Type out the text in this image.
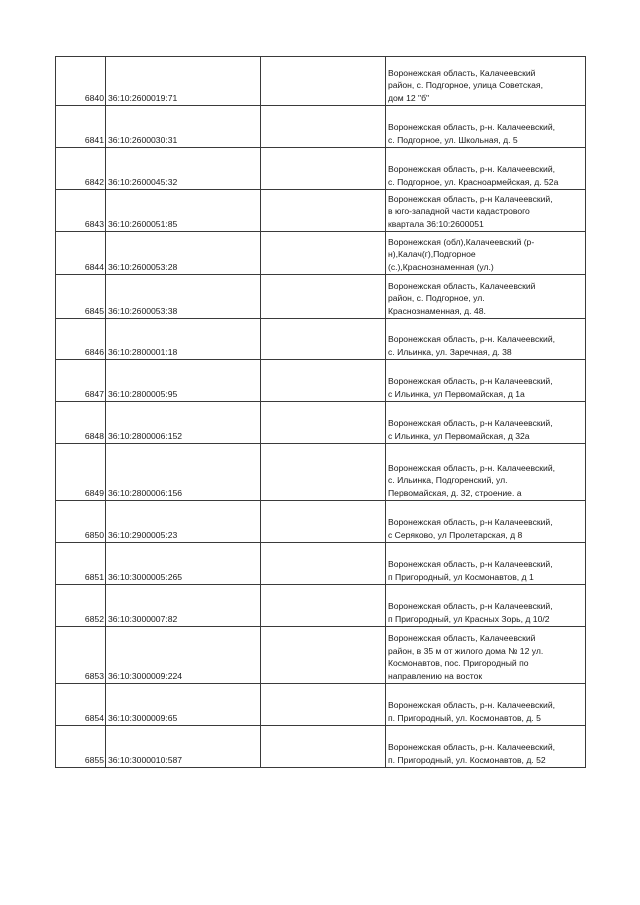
6840	36:10:2600019:71		Воронежская область, Калачеевский
район, с. Подгорное, улица Советская,
дом 12 "б"

6841	36:10:2600030:31		Воронежская область, р-н. Калачеевский,
с. Подгорное, ул. Школьная, д. 5

6842	36:10:2600045:32		Воронежская область, р-н. Калачеевский,
с. Подгорное, ул. Красноармейская, д. 52а

6843	36:10:2600051:85		Воронежская область, р-н Калачеевский,
в юго-западной части кадастрового
квартала 36:10:2600051

6844	36:10:2600053:28		Воронежская (обл),Калачеевский (р-
н),Калач(г),Подгорное
(с.),Краснознаменная (ул.)

6845	36:10:2600053:38		Воронежская область, Калачеевский
район, с. Подгорное, ул.
Краснознаменная, д. 48.

6846	36:10:2800001:18		Воронежская область, р-н. Калачеевский,
с. Ильинка, ул. Заречная, д. 38

6847	36:10:2800005:95		Воронежская область, р-н Калачеевский,
с Ильинка, ул Первомайская, д 1а

6848	36:10:2800006:152		Воронежская область, р-н Калачеевский,
с Ильинка, ул Первомайская, д 32а

6849	36:10:2800006:156		Воронежская область, р-н. Калачеевский,
с. Ильинка, Подгоренский, ул.
Первомайская, д. 32, строение. а

6850	36:10:2900005:23		Воронежская область, р-н Калачеевский,
с Серяково, ул Пролетарская, д 8

6851	36:10:3000005:265		Воронежская область, р-н Калачеевский,
п Пригородный, ул Космонавтов, д 1

6852	36:10:3000007:82		Воронежская область, р-н Калачеевский,
п Пригородный, ул Красных Зорь, д 10/2

6853	36:10:3000009:224		Воронежская область, Калачеевский
район, в 35 м от жилого дома № 12 ул.
Космонавтов, пос. Пригородный по
направлению на восток

6854	36:10:3000009:65		Воронежская область, р-н. Калачеевский,
п. Пригородный, ул. Космонавтов, д. 5

6855	36:10:3000010:587		Воронежская область, р-н. Калачеевский,
п. Пригородный, ул. Космонавтов, д. 52
